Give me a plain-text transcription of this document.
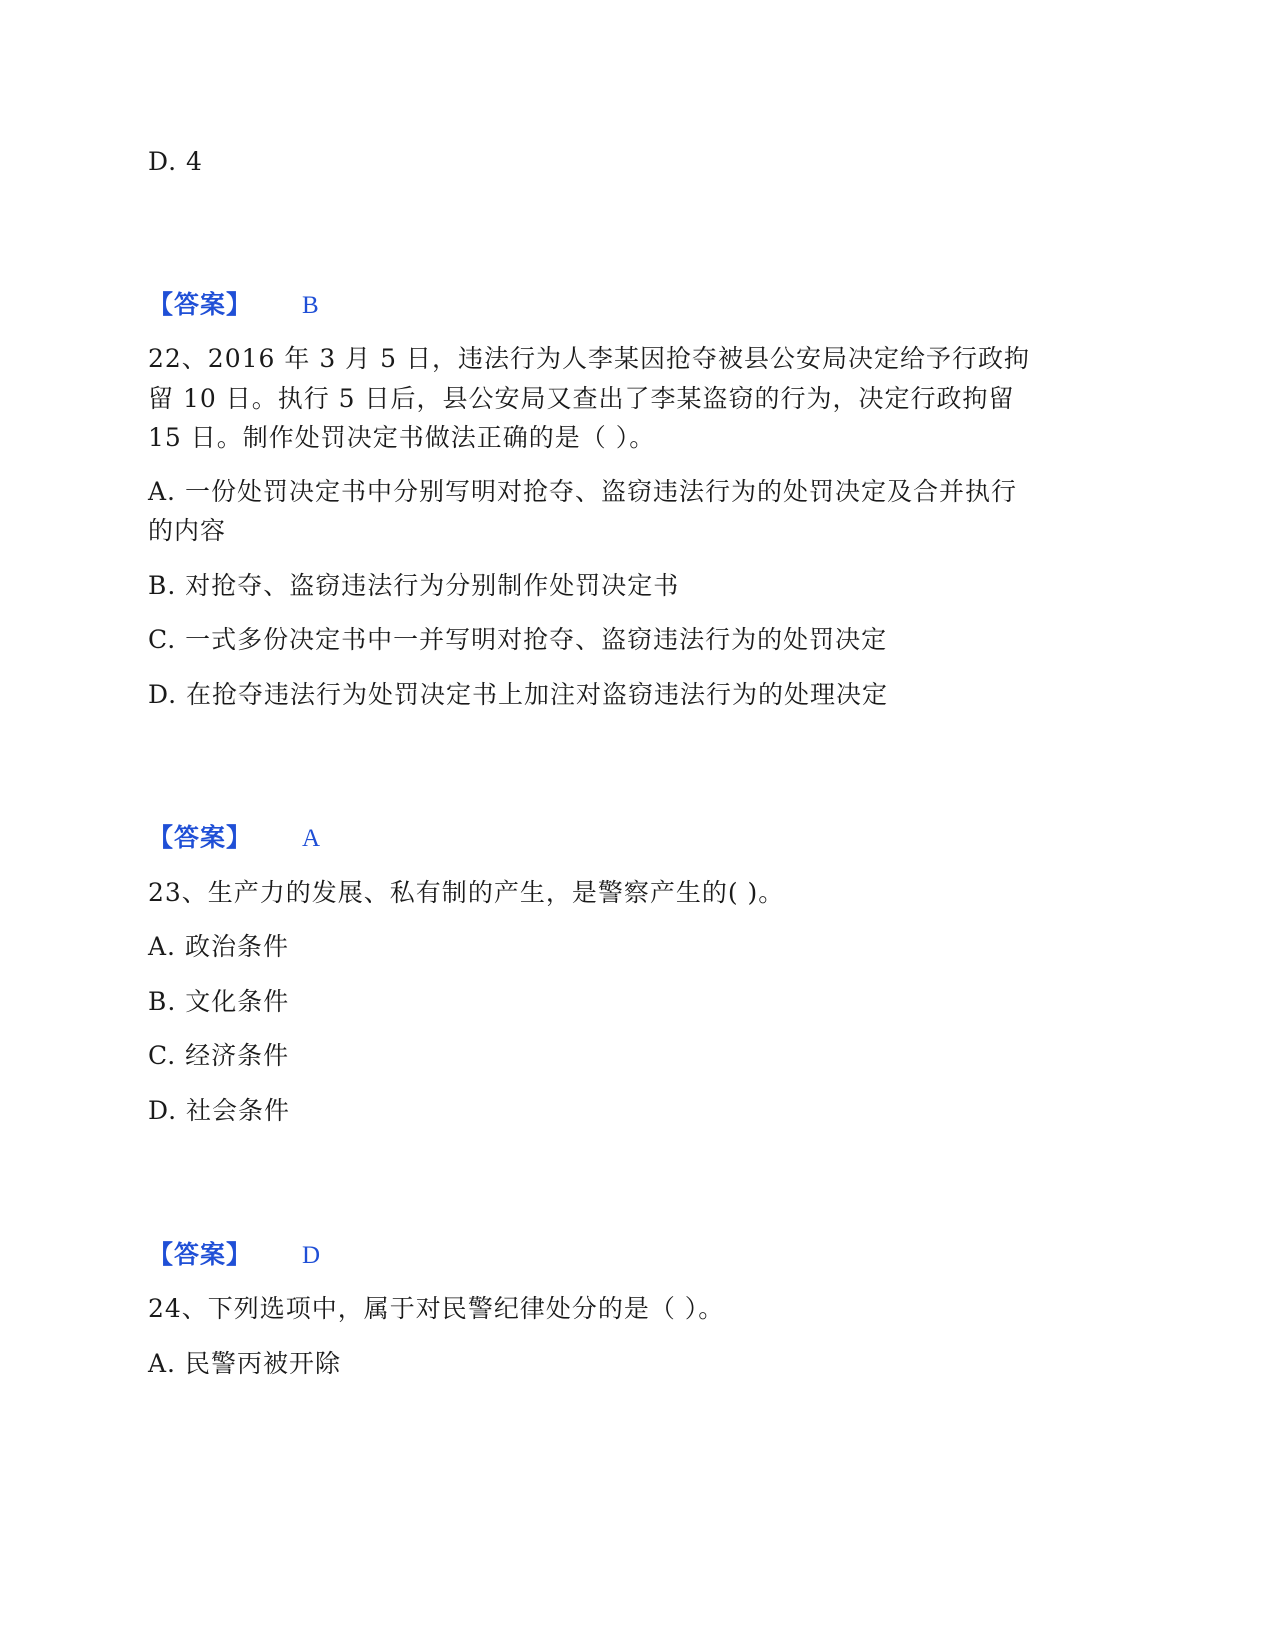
D. 4
【答案】 B
22、2016 年 3 月 5 日，违法行为人李某因抢夺被县公安局决定给予行政拘
留 10 日。执行 5 日后，县公安局又查出了李某盗窃的行为，决定行政拘留
15 日。制作处罚决定书做法正确的是（ ）。
A. 一份处罚决定书中分别写明对抢夺、盗窃违法行为的处罚决定及合并执行
的内容
B. 对抢夺、盗窃违法行为分别制作处罚决定书
C. 一式多份决定书中一并写明对抢夺、盗窃违法行为的处罚决定
D. 在抢夺违法行为处罚决定书上加注对盗窃违法行为的处理决定
【答案】 A
23、生产力的发展、私有制的产生，是警察产生的( )。
A. 政治条件
B. 文化条件
C. 经济条件
D. 社会条件
【答案】 D
24、下列选项中，属于对民警纪律处分的是（ ）。
A. 民警丙被开除
